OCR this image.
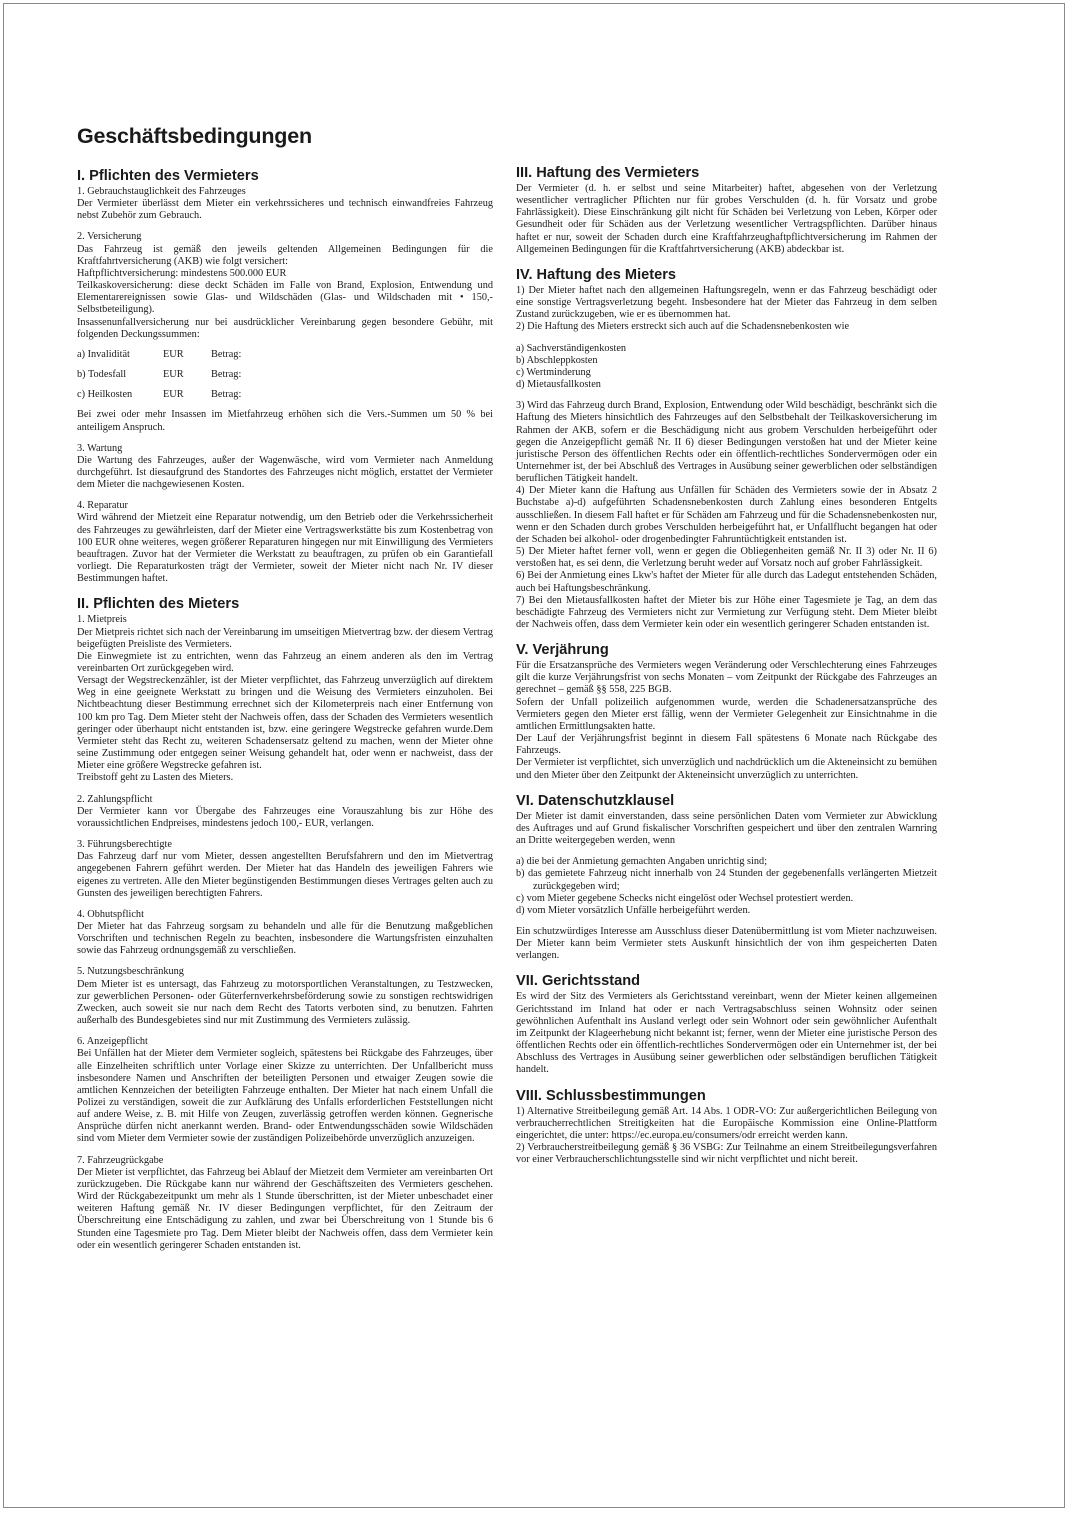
Geschäftsbedingungen
I. Pflichten des Vermieters

1. Gebrauchstauglichkeit des Fahrzeuges

Der Vermieter überlässt dem Mieter ein verkehrssicheres und technisch einwandfreies Fahrzeug nebst Zubehör zum Gebrauch.

2. Versicherung

Das Fahrzeug ist gemäß den jeweils geltenden Allgemeinen Bedingungen für die Kraftfahrtversicherung (AKB) wie folgt versichert:

Haftpflichtversicherung: mindestens 500.000 EUR

Teilkaskoversicherung: diese deckt Schäden im Falle von Brand, Explosion, Entwendung und Elementarereignissen sowie Glas- und Wildschäden (Glas- und Wildschaden mit • 150,- Selbstbeteiligung).

Insassenunfallversicherung nur bei ausdrücklicher Vereinbarung gegen besondere Gebühr, mit folgenden Deckungssummen:

a) Invalidität	EUR	Betrag:
b) Todesfall	EUR	Betrag:
c) Heilkosten	EUR	Betrag:

Bei zwei oder mehr Insassen im Mietfahrzeug erhöhen sich die Vers.-Summen um 50 % bei anteiligem Anspruch.

3. Wartung

Die Wartung des Fahrzeuges, außer der Wagenwäsche, wird vom Vermieter nach Anmeldung durchgeführt. Ist diesaufgrund des Standortes des Fahrzeuges nicht möglich, erstattet der Vermieter dem Mieter die nachgewiesenen Kosten.

4. Reparatur

Wird während der Mietzeit eine Reparatur notwendig, um den Betrieb oder die Verkehrssicherheit des Fahrzeuges zu gewährleisten, darf der Mieter eine Vertragswerkstätte bis zum Kostenbetrag von 100 EUR ohne weiteres, wegen größerer Reparaturen hingegen nur mit Einwilligung des Vermieters beauftragen. Zuvor hat der Vermieter die Werkstatt zu beauftragen, zu prüfen ob ein Garantiefall vorliegt. Die Reparaturkosten trägt der Vermieter, soweit der Mieter nicht nach Nr. IV dieser Bestimmungen haftet.

II. Pflichten des Mieters

1. Mietpreis

Der Mietpreis richtet sich nach der Vereinbarung im umseitigen Mietvertrag bzw. der diesem Vertrag beigefügten Preisliste des Vermieters.

Die Einwegmiete ist zu entrichten, wenn das Fahrzeug an einem anderen als den im Vertrag vereinbarten Ort zurückgegeben wird.

Versagt der Wegstreckenzähler, ist der Mieter verpflichtet, das Fahrzeug unverzüglich auf direktem Weg in eine geeignete Werkstatt zu bringen und die Weisung des Vermieters einzuholen. Bei Nichtbeachtung dieser Bestimmung errechnet sich der Kilometerpreis nach einer Entfernung von 100 km pro Tag. Dem Mieter steht der Nachweis offen, dass der Schaden des Vermieters wesentlich geringer oder überhaupt nicht entstanden ist, bzw. eine geringere Wegstrecke gefahren wurde.Dem Vermieter steht das Recht zu, weiteren Schadensersatz geltend zu machen, wenn der Mieter ohne seine Zustimmung oder entgegen seiner Weisung gehandelt hat, oder wenn er nachweist, dass der Mieter eine größere Wegstrecke gefahren ist.

Treibstoff geht zu Lasten des Mieters.

2. Zahlungspflicht

Der Vermieter kann vor Übergabe des Fahrzeuges eine Vorauszahlung bis zur Höhe des voraussichtlichen Endpreises, mindestens jedoch 100,- EUR, verlangen.

3. Führungsberechtigte

Das Fahrzeug darf nur vom Mieter, dessen angestellten Berufsfahrern und den im Mietvertrag angegebenen Fahrern geführt werden. Der Mieter hat das Handeln des jeweiligen Fahrers wie eigenes zu vertreten. Alle den Mieter begünstigenden Bestimmungen dieses Vertrages gelten auch zu Gunsten des jeweiligen berechtigten Fahrers.

4. Obhutspflicht

Der Mieter hat das Fahrzeug sorgsam zu behandeln und alle für die Benutzung maßgeblichen Vorschriften und technischen Regeln zu beachten, insbesondere die Wartungsfristen einzuhalten sowie das Fahrzeug ordnungsgemäß zu verschließen.

5. Nutzungsbeschränkung

Dem Mieter ist es untersagt, das Fahrzeug zu motorsportlichen Veranstaltungen, zu Testzwecken, zur gewerblichen Personen- oder Güterfernverkehrsbeförderung sowie zu sonstigen rechtswidrigen Zwecken, auch soweit sie nur nach dem Recht des Tatorts verboten sind, zu benutzen. Fahrten außerhalb des Bundesgebietes sind nur mit Zustimmung des Vermieters zulässig.

6. Anzeigepflicht

Bei Unfällen hat der Mieter dem Vermieter sogleich, spätestens bei Rückgabe des Fahrzeuges, über alle Einzelheiten schriftlich unter Vorlage einer Skizze zu unterrichten. Der Unfallbericht muss insbesondere Namen und Anschriften der beteiligten Personen und etwaiger Zeugen sowie die amtlichen Kennzeichen der beteiligten Fahrzeuge enthalten. Der Mieter hat nach einem Unfall die Polizei zu verständigen, soweit die zur Aufklärung des Unfalls erforderlichen Feststellungen nicht auf andere Weise, z. B. mit Hilfe von Zeugen, zuverlässig getroffen werden können. Gegnerische Ansprüche dürfen nicht anerkannt werden. Brand- oder Entwendungsschäden sowie Wildschäden sind vom Mieter dem Vermieter sowie der zuständigen Polizeibehörde unverzüglich anzuzeigen.

7. Fahrzeugrückgabe

Der Mieter ist verpflichtet, das Fahrzeug bei Ablauf der Mietzeit dem Vermieter am vereinbarten Ort zurückzugeben. Die Rückgabe kann nur während der Geschäftszeiten des Vermieters geschehen. Wird der Rückgabezeitpunkt um mehr als 1 Stunde überschritten, ist der Mieter unbeschadet einer weiteren Haftung gemäß Nr. IV dieser Bedingungen verpflichtet, für den Zeitraum der Überschreitung eine Entschädigung zu zahlen, und zwar bei Überschreitung von 1 Stunde bis 6 Stunden eine Tagesmiete pro Tag. Dem Mieter bleibt der Nachweis offen, dass dem Vermieter kein oder ein wesentlich geringerer Schaden entstanden ist.

III. Haftung des Vermieters

Der Vermieter (d. h. er selbst und seine Mitarbeiter) haftet, abgesehen von der Verletzung wesentlicher vertraglicher Pflichten nur für grobes Verschulden (d. h. für Vorsatz und grobe Fahrlässigkeit). Diese Einschränkung gilt nicht für Schäden bei Verletzung von Leben, Körper oder Gesundheit oder für Schäden aus der Verletzung wesentlicher Vertragspflichten. Darüber hinaus haftet er nur, soweit der Schaden durch eine Kraftfahrzeughaftpflichtversicherung im Rahmen der Allgemeinen Bedingungen für die Kraftfahrtversicherung (AKB) abdeckbar ist.

IV. Haftung des Mieters

1) Der Mieter haftet nach den allgemeinen Haftungsregeln, wenn er das Fahrzeug beschädigt oder eine sonstige Vertragsverletzung begeht. Insbesondere hat der Mieter das Fahrzeug in dem selben Zustand zurückzugeben, wie er es übernommen hat.

2) Die Haftung des Mieters erstreckt sich auch auf die Schadensnebenkosten wie

a) Sachverständigenkosten

b) Abschleppkosten

c) Wertminderung

d) Mietausfallkosten

3) Wird das Fahrzeug durch Brand, Explosion, Entwendung oder Wild beschädigt, beschränkt sich die Haftung des Mieters hinsichtlich des Fahrzeuges auf den Selbstbehalt der Teilkaskoversicherung im Rahmen der AKB, sofern er die Beschädigung nicht aus grobem Verschulden herbeigeführt oder gegen die Anzeigepflicht gemäß Nr. II 6) dieser Bedingungen verstoßen hat und der Mieter keine juristische Person des öffentlichen Rechts oder ein öffentlich-rechtliches Sondervermögen oder ein Unternehmer ist, der bei Abschluß des Vertrages in Ausübung seiner gewerblichen oder selbständigen beruflichen Tätigkeit handelt.

4) Der Mieter kann die Haftung aus Unfällen für Schäden des Vermieters sowie der in Absatz 2 Buchstabe a)-d) aufgeführten Schadensnebenkosten durch Zahlung eines besonderen Entgelts ausschließen. In diesem Fall haftet er für Schäden am Fahrzeug und für die Schadensnebenkosten nur, wenn er den Schaden durch grobes Verschulden herbeigeführt hat, er Unfallflucht begangen hat oder der Schaden bei alkohol- oder drogenbedingter Fahruntüchtigkeit entstanden ist.

5) Der Mieter haftet ferner voll, wenn er gegen die Obliegenheiten gemäß Nr. II 3) oder Nr. II 6) verstoßen hat, es sei denn, die Verletzung beruht weder auf Vorsatz noch auf grober Fahrlässigkeit.

6) Bei der Anmietung eines Lkw's haftet der Mieter für alle durch das Ladegut entstehenden Schäden, auch bei Haftungsbeschränkung.

7) Bei den Mietausfallkosten haftet der Mieter bis zur Höhe einer Tagesmiete je Tag, an dem das beschädigte Fahrzeug des Vermieters nicht zur Vermietung zur Verfügung steht. Dem Mieter bleibt der Nachweis offen, dass dem Vermieter kein oder ein wesentlich geringerer Schaden entstanden ist.

V. Verjährung

Für die Ersatzansprüche des Vermieters wegen Veränderung oder Verschlechterung eines Fahrzeuges gilt die kurze Verjährungsfrist von sechs Monaten – vom Zeitpunkt der Rückgabe des Fahrzeuges an gerechnet – gemäß §§ 558, 225 BGB.

Sofern der Unfall polizeilich aufgenommen wurde, werden die Schadenersatzansprüche des Vermieters gegen den Mieter erst fällig, wenn der Vermieter Gelegenheit zur Einsichtnahme in die amtlichen Ermittlungsakten hatte.

Der Lauf der Verjährungsfrist beginnt in diesem Fall spätestens 6 Monate nach Rückgabe des Fahrzeugs.

Der Vermieter ist verpflichtet, sich unverzüglich und nachdrücklich um die Akteneinsicht zu bemühen und den Mieter über den Zeitpunkt der Akteneinsicht unverzüglich zu unterrichten.

VI. Datenschutzklausel

Der Mieter ist damit einverstanden, dass seine persönlichen Daten vom Vermieter zur Abwicklung des Auftrages und auf Grund fiskalischer Vorschriften gespeichert und über den zentralen Warnring an Dritte weitergegeben werden, wenn

a) die bei der Anmietung gemachten Angaben unrichtig sind;

b) das gemietete Fahrzeug nicht innerhalb von 24 Stunden der gegebenenfalls verlängerten Mietzeit zurückgegeben wird;

c) vom Mieter gegebene Schecks nicht eingelöst oder Wechsel protestiert werden.

d) vom Mieter vorsätzlich Unfälle herbeigeführt werden.

Ein schutzwürdiges Interesse am Ausschluss dieser Datenübermittlung ist vom Mieter nachzuweisen. Der Mieter kann beim Vermieter stets Auskunft hinsichtlich der von ihm gespeicherten Daten verlangen.

VII. Gerichtsstand

Es wird der Sitz des Vermieters als Gerichtsstand vereinbart, wenn der Mieter keinen allgemeinen Gerichtsstand im Inland hat oder er nach Vertragsabschluss seinen Wohnsitz oder seinen gewöhnlichen Aufenthalt ins Ausland verlegt oder sein Wohnort oder sein gewöhnlicher Aufenthalt im Zeitpunkt der Klageerhebung nicht bekannt ist; ferner, wenn der Mieter eine juristische Person des öffentlichen Rechts oder ein öffentlich-rechtliches Sondervermögen oder ein Unternehmer ist, der bei Abschluss des Vertrages in Ausübung seiner gewerblichen oder selbständigen beruflichen Tätigkeit handelt.

VIII. Schlussbestimmungen

1) Alternative Streitbeilegung gemäß Art. 14 Abs. 1 ODR-VO: Zur außergerichtlichen Beilegung von verbraucherrechtlichen Streitigkeiten hat die Europäische Kommission eine Online-Plattform eingerichtet, die unter: https://ec.europa.eu/consumers/odr erreicht werden kann.

2) Verbraucherstreitbeilegung gemäß § 36 VSBG: Zur Teilnahme an einem Streitbeilegungsverfahren vor einer Verbraucherschlichtungsstelle sind wir nicht verpflichtet und nicht bereit.
